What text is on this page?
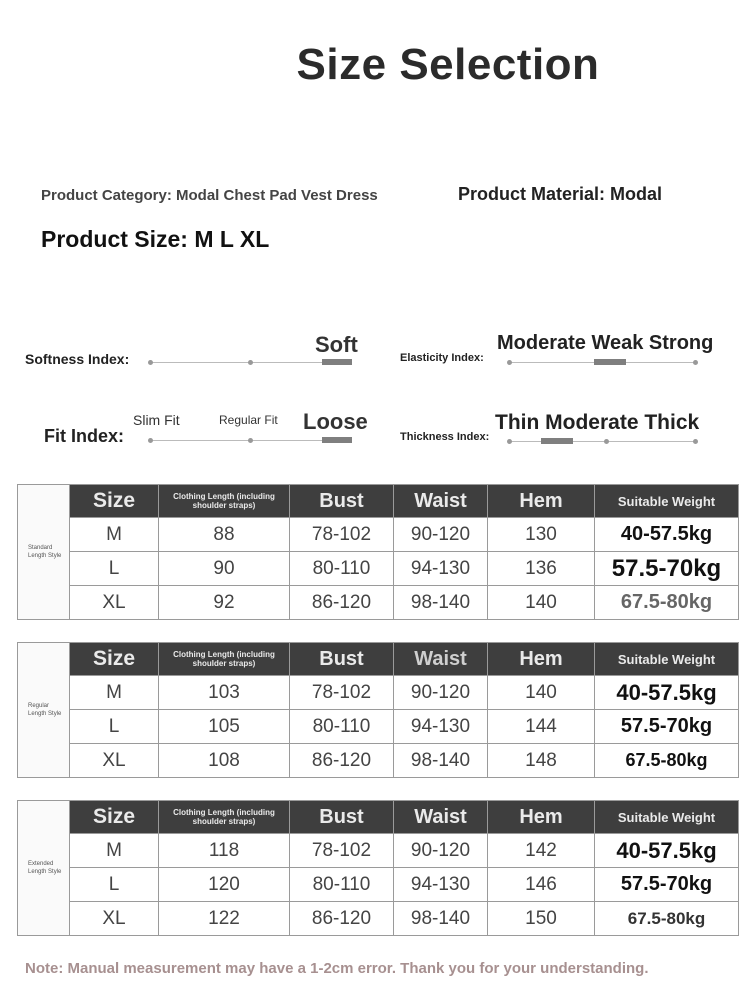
Size Selection
Product Category: Modal Chest Pad Vest Dress	Product Material: Modal
Product Size: M L XL
Softness Index:
Soft
Elasticity Index:
Moderate Weak Strong
Fit Index:
Slim Fit	Regular Fit Loose
Thickness Index:
Thin Moderate Thick
Standard Length Style	Size	Clothing Length (including shoulder straps)	Bust	Waist	Hem	Suitable Weight
	M	88	78-102	90-120	130	40-57.5kg
	L	90	80-110	94-130	136	57.5-70kg
	XL	92	86-120	98-140	140	67.5-80kg
Regular Length Style	Size	Clothing Length (including shoulder straps)	Bust	Waist	Hem	Suitable Weight
	M	103	78-102	90-120	140	40-57.5kg
	L	105	80-110	94-130	144	57.5-70kg
	XL	108	86-120	98-140	148	67.5-80kg
Extended Length Style	Size	Clothing Length (including shoulder straps)	Bust	Waist	Hem	Suitable Weight
	M	118	78-102	90-120	142	40-57.5kg
	L	120	80-110	94-130	146	57.5-70kg
	XL	122	86-120	98-140	150	67.5-80kg
Note: Manual measurement may have a 1-2cm error. Thank you for your understanding.
